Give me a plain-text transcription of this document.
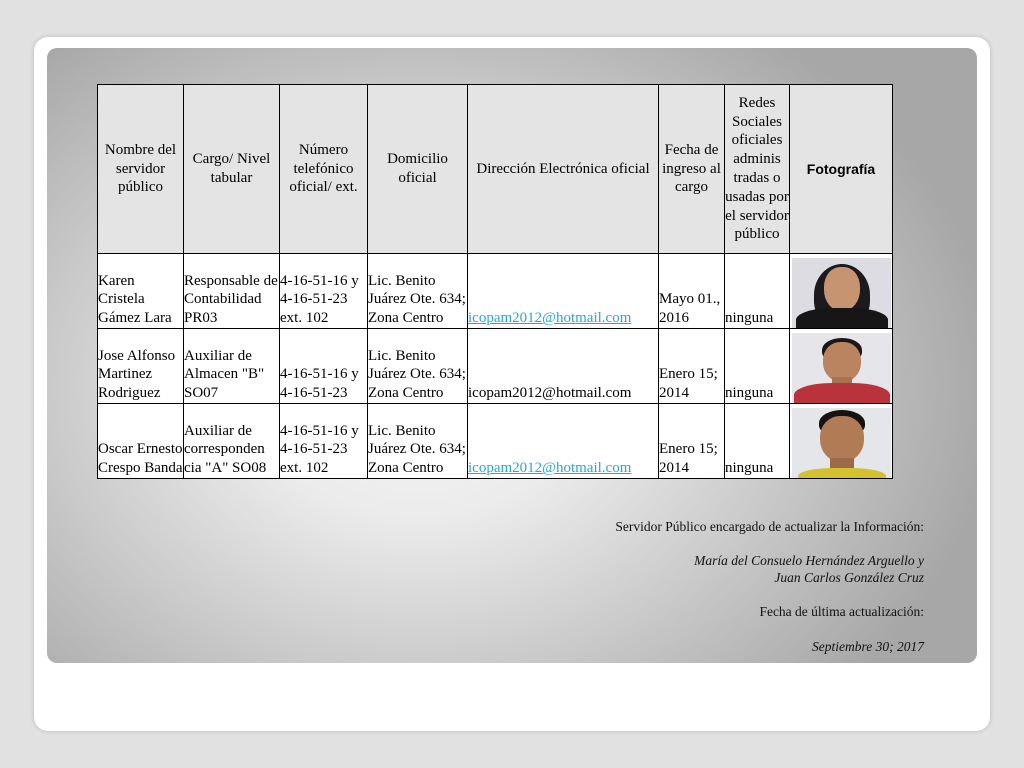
Nombre del servidor público	Cargo/ Nivel tabular	Número telefónico oficial/ ext.	Domicilio oficial	Dirección Electrónica oficial	Fecha de ingreso al cargo	Redes Sociales oficiales adminis tradas o usadas por el servidor público	Fotografía
Karen Cristela Gámez Lara	Responsable de Contabilidad PR03	4-16-51-16 y 4-16-51-23 ext. 102	Lic. Benito Juárez Ote. 634; Zona Centro	icopam2012@hotmail.com	Mayo 01., 2016	ninguna	

Jose Alfonso Martinez Rodriguez	Auxiliar de Almacen "B" SO07	4-16-51-16 y 4-16-51-23	Lic. Benito Juárez Ote. 634; Zona Centro	icopam2012@hotmail.com	Enero 15; 2014	ninguna	

Oscar Ernesto Crespo Banda	Auxiliar de corresponden cia "A" SO08	4-16-51-16 y 4-16-51-23 ext. 102	Lic. Benito Juárez Ote. 634; Zona Centro	icopam2012@hotmail.com	Enero 15; 2014	ninguna	
Servidor Público encargado de actualizar la Información:
María del Consuelo Hernández Arguello y
Juan Carlos González Cruz
Fecha de última actualización:
Septiembre 30; 2017
